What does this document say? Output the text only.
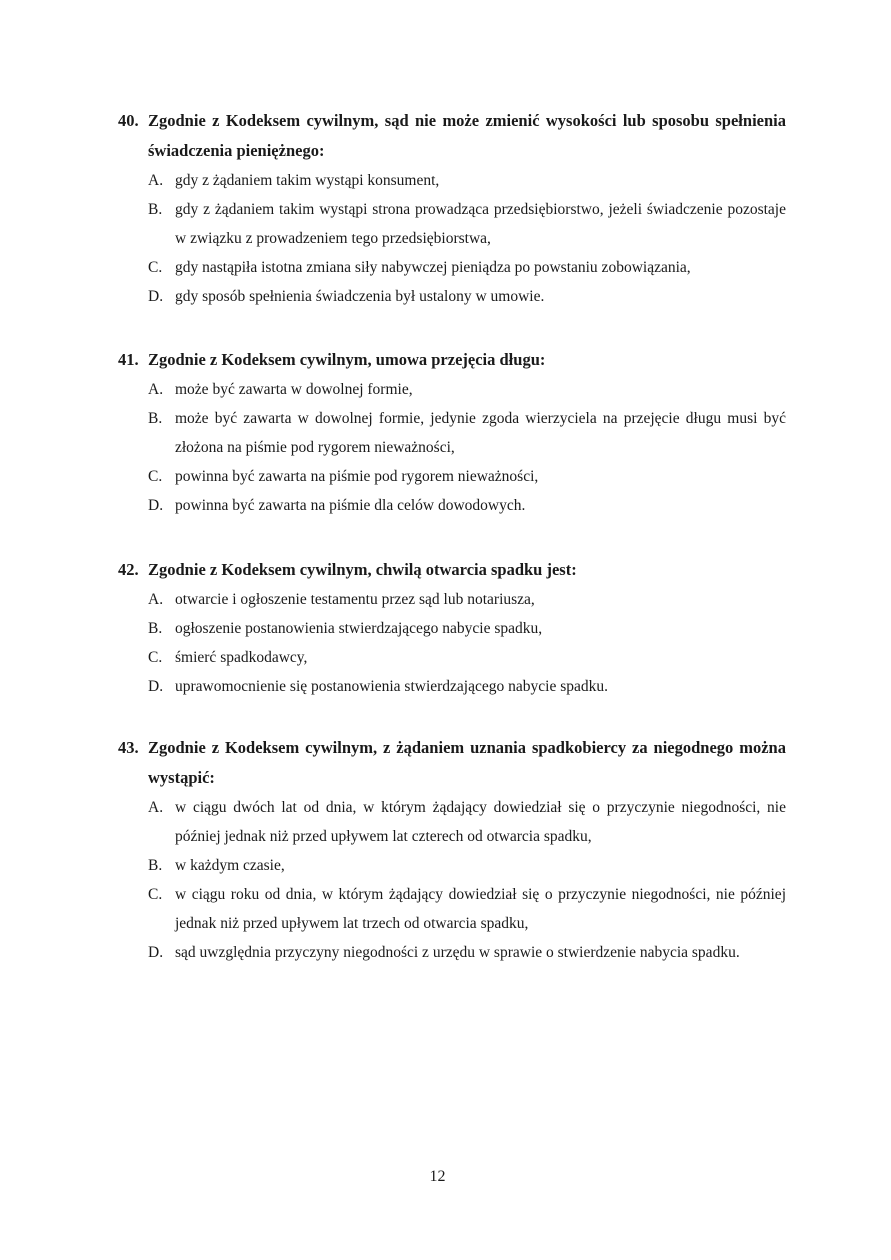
40. Zgodnie z Kodeksem cywilnym, sąd nie może zmienić wysokości lub sposobu spełnienia świadczenia pieniężnego:
A. gdy z żądaniem takim wystąpi konsument,
B. gdy z żądaniem takim wystąpi strona prowadząca przedsiębiorstwo, jeżeli świadczenie pozostaje w związku z prowadzeniem tego przedsiębiorstwa,
C. gdy nastąpiła istotna zmiana siły nabywczej pieniądza po powstaniu zobowiązania,
D. gdy sposób spełnienia świadczenia był ustalony w umowie.
41. Zgodnie z Kodeksem cywilnym, umowa przejęcia długu:
A. może być zawarta w dowolnej formie,
B. może być zawarta w dowolnej formie, jedynie zgoda wierzyciela na przejęcie długu musi być złożona na piśmie pod rygorem nieważności,
C. powinna być zawarta na piśmie pod rygorem nieważności,
D. powinna być zawarta na piśmie dla celów dowodowych.
42. Zgodnie z Kodeksem cywilnym, chwilą otwarcia spadku jest:
A. otwarcie i ogłoszenie testamentu przez sąd lub notariusza,
B. ogłoszenie postanowienia stwierdzającego nabycie spadku,
C. śmierć spadkodawcy,
D. uprawomocnienie się postanowienia stwierdzającego nabycie spadku.
43. Zgodnie z Kodeksem cywilnym, z żądaniem uznania spadkobiercy za niegodnego można wystąpić:
A. w ciągu dwóch lat od dnia, w którym żądający dowiedział się o przyczynie niegodności, nie później jednak niż przed upływem lat czterech od otwarcia spadku,
B. w każdym czasie,
C. w ciągu roku od dnia, w którym żądający dowiedział się o przyczynie niegodności, nie później jednak niż przed upływem lat trzech od otwarcia spadku,
D. sąd uwzględnia przyczyny niegodności z urzędu w sprawie o stwierdzenie nabycia spadku.
12
